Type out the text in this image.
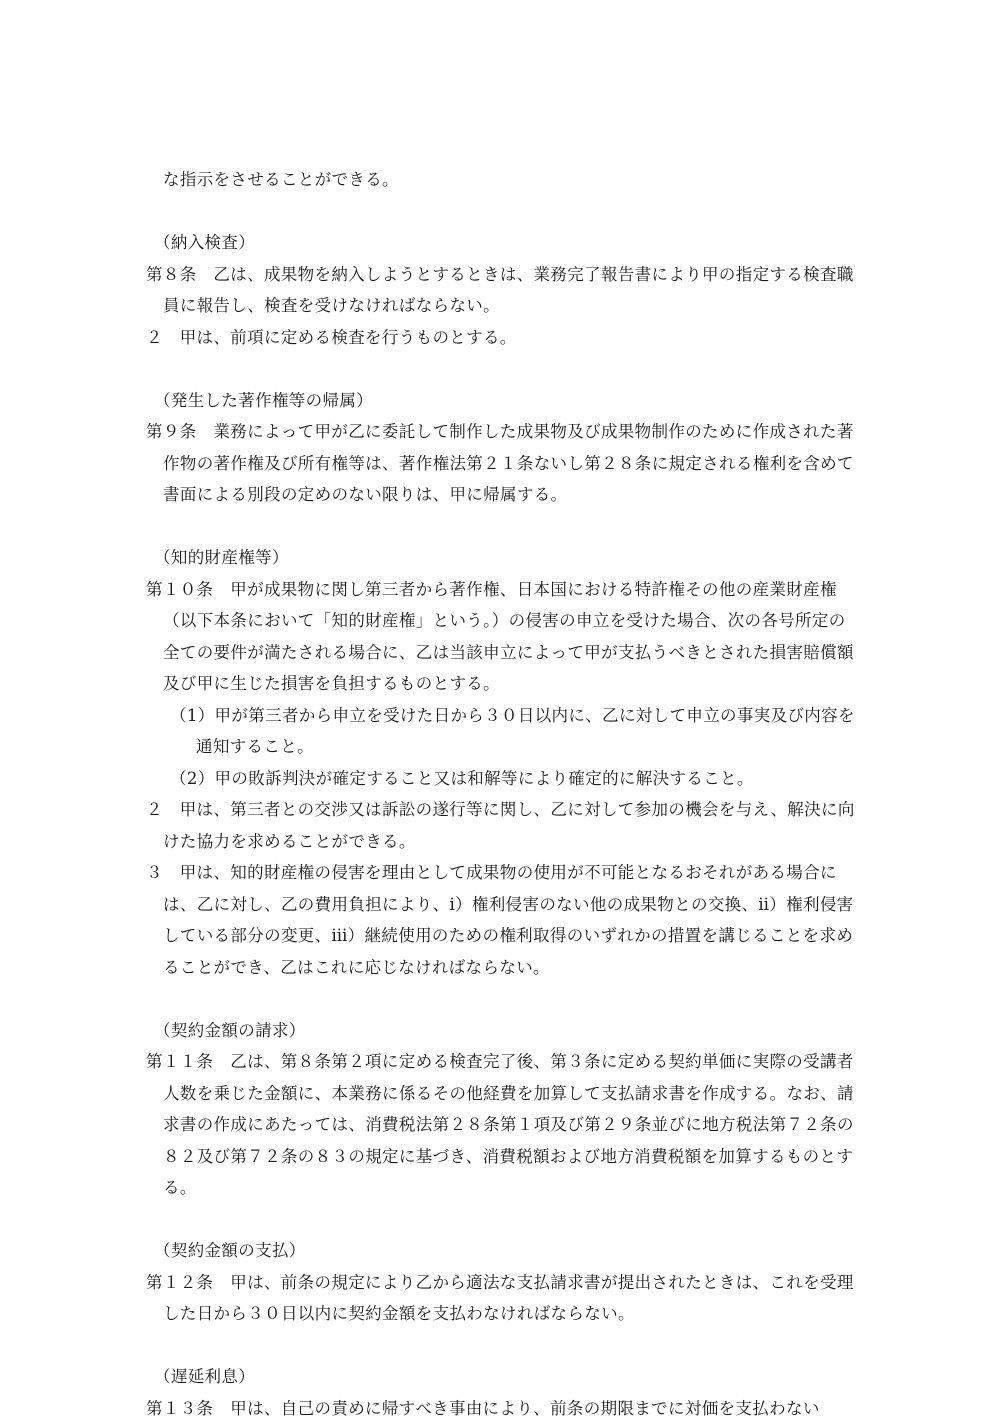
な指示をさせることができる。

（納入検査）

第８条　乙は、成果物を納入しようとするときは、業務完了報告書により甲の指定する検査職員に報告し、検査を受けなければならない。

２　甲は、前項に定める検査を行うものとする。

（発生した著作権等の帰属）

第９条　業務によって甲が乙に委託して制作した成果物及び成果物制作のために作成された著作物の著作権及び所有権等は、著作権法第２１条ないし第２８条に規定される権利を含めて書面による別段の定めのない限りは、甲に帰属する。

（知的財産権等）

第１０条　甲が成果物に関し第三者から著作権、日本国における特許権その他の産業財産権（以下本条において「知的財産権」という。）の侵害の申立を受けた場合、次の各号所定の全ての要件が満たされる場合に、乙は当該申立によって甲が支払うべきとされた損害賠償額及び甲に生じた損害を負担するものとする。

（1）甲が第三者から申立を受けた日から３０日以内に、乙に対して申立の事実及び内容を通知すること。

（2）甲の敗訴判決が確定すること又は和解等により確定的に解決すること。

２　甲は、第三者との交渉又は訴訟の遂行等に関し、乙に対して参加の機会を与え、解決に向けた協力を求めることができる。

３　甲は、知的財産権の侵害を理由として成果物の使用が不可能となるおそれがある場合には、乙に対し、乙の費用負担により、ⅰ）権利侵害のない他の成果物との交換、ⅱ）権利侵害している部分の変更、ⅲ）継続使用のための権利取得のいずれかの措置を講じることを求めることができ、乙はこれに応じなければならない。

（契約金額の請求）

第１１条　乙は、第８条第２項に定める検査完了後、第３条に定める契約単価に実際の受講者人数を乗じた金額に、本業務に係るその他経費を加算して支払請求書を作成する。なお、請求書の作成にあたっては、消費税法第２８条第１項及び第２９条並びに地方税法第７２条の８２及び第７２条の８３の規定に基づき、消費税額および地方消費税額を加算するものとする。

（契約金額の支払）

第１２条　甲は、前条の規定により乙から適法な支払請求書が提出されたときは、これを受理した日から３０日以内に契約金額を支払わなければならない。

（遅延利息）

第１３条　甲は、自己の責めに帰すべき事由により、前条の期限までに対価を支払わない
